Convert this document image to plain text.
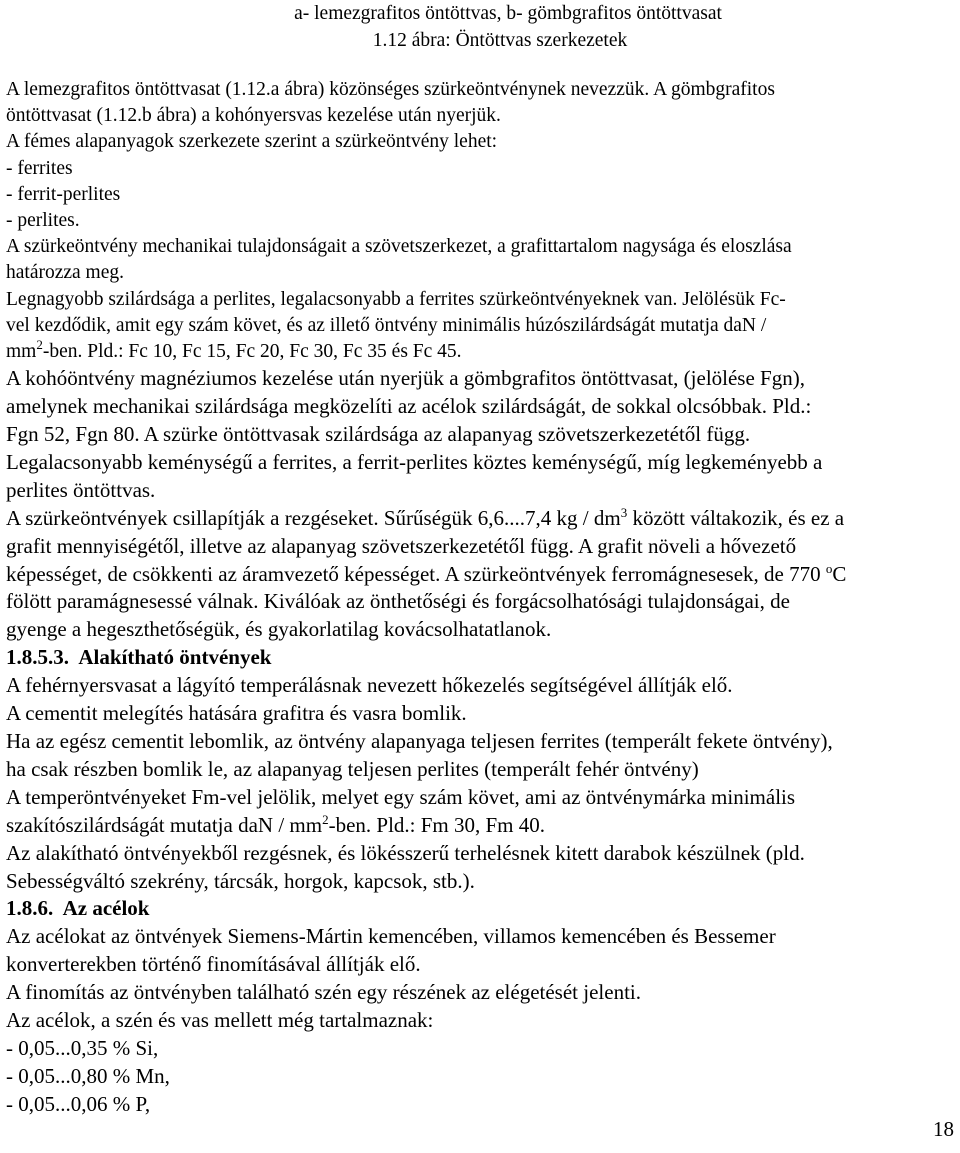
a- lemezgrafitos öntöttvas, b- gömbgrafitos öntöttvasat
1.12 ábra: Öntöttvas szerkezetek
A lemezgrafitos öntöttvasat (1.12.a ábra) közönséges szürkeöntvénynek nevezzük. A gömbgrafitos
öntöttvasat (1.12.b ábra) a kohónyersvas kezelése után nyerjük.
A fémes alapanyagok szerkezete szerint a szürkeöntvény lehet:
- ferrites
- ferrit-perlites
- perlites.
A szürkeöntvény mechanikai tulajdonságait a szövetszerkezet, a grafittartalom nagysága és eloszlása
határozza meg.
Legnagyobb szilárdsága a perlites, legalacsonyabb a ferrites szürkeöntvényeknek van. Jelölésük Fc-
vel kezdődik, amit egy szám követ, és az illető öntvény minimális húzószilárdságát mutatja daN /
$mm^2$-ben. Pld.: Fc 10, Fc 15, Fc 20, Fc 30, Fc 35 és Fc 45.
A kohóöntvény magnéziumos kezelése után nyerjük a gömbgrafitos öntöttvasat, (jelölése Fgn),
amelynek mechanikai szilárdsága megközelíti az acélok szilárdságát, de sokkal olcsóbbak. Pld.:
Fgn 52, Fgn 80. A szürke öntöttvasak szilárdsága az alapanyag szövetszerkezetétől függ.
Legalacsonyabb keménységű a ferrites, a ferrit-perlites köztes keménységű, míg legkeményebb a
perlites öntöttvas.
A szürkeöntvények csillapítják a rezgéseket. Sűrűségük 6,6....7,4 kg / $dm^3$ között váltakozik, és ez a
grafit mennyiségétől, illetve az alapanyag szövetszerkezetétől függ. A grafit növeli a hővezető
képességet, de csökkenti az áramvezető képességet. A szürkeöntvények ferromágnesesek, de 770 $^o$C
fölött paramágnesessé válnak. Kiválóak az önthetőségi és forgácsolhatósági tulajdonságai, de
gyenge a hegeszthetőségük, és gyakorlatilag kovácsolhatatlanok.
1.8.5.3. Alakítható öntvények
A fehérnyersvasat a lágyító temperálásnak nevezett hőkezelés segítségével állítják elő.
A cementit melegítés hatására grafitra és vasra bomlik.
Ha az egész cementit lebomlik, az öntvény alapanyaga teljesen ferrites (temperált fekete öntvény),
ha csak részben bomlik le, az alapanyag teljesen perlites (temperált fehér öntvény)
A temperöntvényeket Fm-vel jelölik, melyet egy szám követ, ami az öntvénymárka minimális
szakítószilárdságát mutatja daN / $mm^2$-ben. Pld.: Fm 30, Fm 40.
Az alakítható öntvényekből rezgésnek, és lökésszerű terhelésnek kitett darabok készülnek (pld.
Sebességváltó szekrény, tárcsák, horgok, kapcsok, stb.).
1.8.6. Az acélok
Az acélokat az öntvények Siemens-Mártin kemencében, villamos kemencében és Bessemer
konverterekben történő finomításával állítják elő.
A finomítás az öntvényben található szén egy részének az elégetését jelenti.
Az acélok, a szén és vas mellett még tartalmaznak:
- 0,05...0,35 % Si,
- 0,05...0,80 % Mn,
- 0,05...0,06 % P,
18
